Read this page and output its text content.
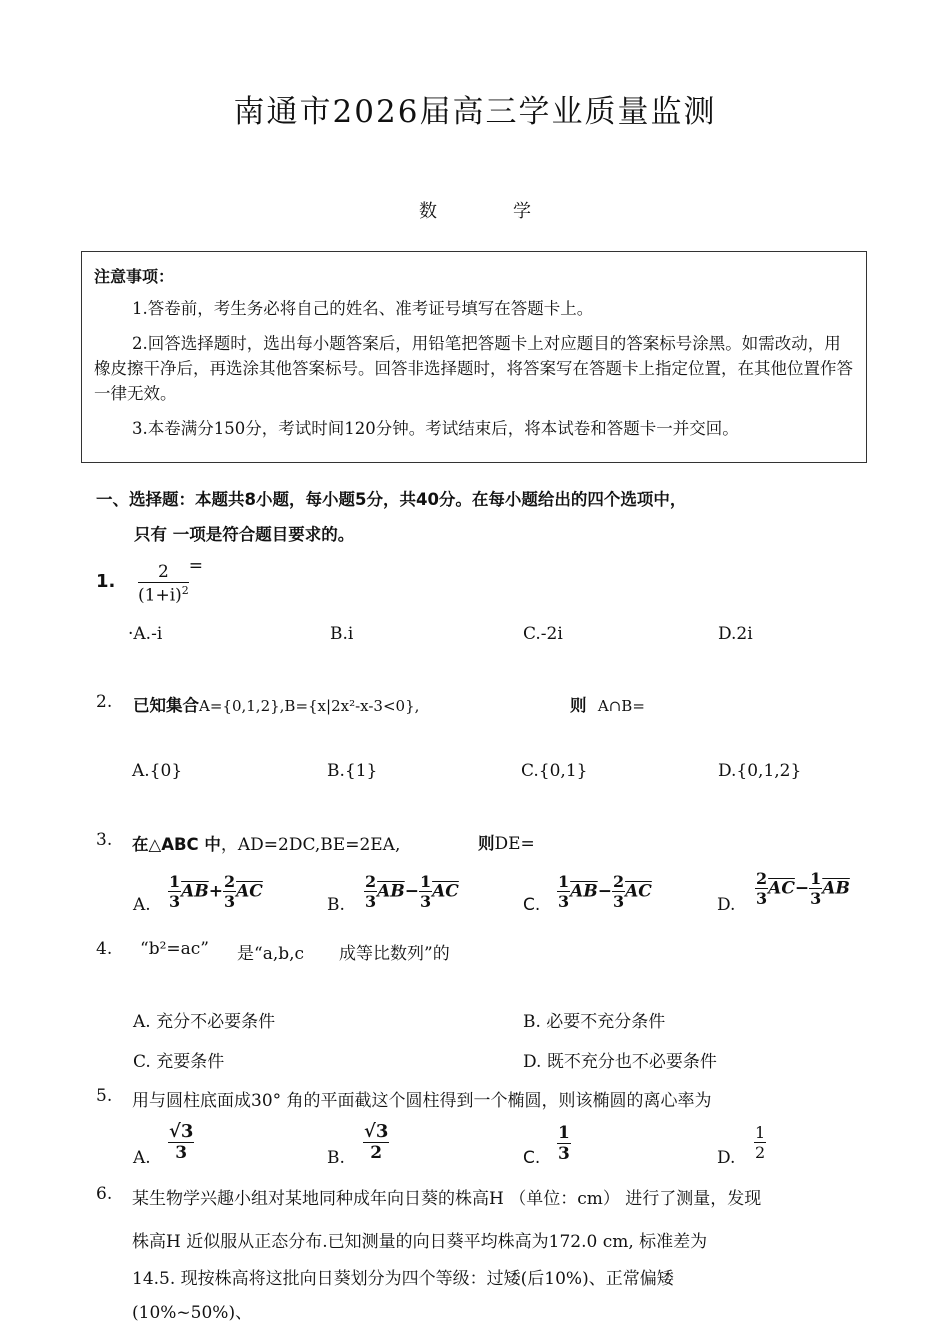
南通市2026届高三学业质量监测
数	学
注意事项：

1.答卷前，考生务必将自己的姓名、准考证号填写在答题卡上。

2.回答选择题时，选出每小题答案后，用铅笔把答题卡上对应题目的答案标号涂黑。如需改动，用橡皮擦干净后，再选涂其他答案标号。回答非选择题时，将答案写在答题卡上指定位置，在其他位置作答一律无效。

3.本卷满分150分，考试时间120分钟。考试结束后，将本试卷和答题卡一并交回。

一、选择题：本题共8小题，每小题5分，共40分。在每小题给出的四个选项中，
只有 一项是符合题目要求的。
1. $\frac{2}{(1+i)^2}$ =
·A.-i	B.i	C.-2i	D.2i
2. 已知集合A={0,1,2},B={x|2x²-x-3<0},	则 A∩B=
A.{0}	B.{1}	C.{0,1}	D.{0,1,2}
3. 在△ABC 中，AD=2DC,BE=2EA,	则DE=
A. $\frac{1}{3} \overline{AB}+ \frac{2}{3} \overline{AC}$
B. $\frac{2}{3} \overline{AB}- \frac{1}{3} \overline{AC}$
C. $\frac{1}{3} \overline{AB}- \frac{2}{3} \overline{AC}$
D. $\frac{2}{3} \overline{AC}- \frac{1}{3} \overline{AB}$
4. “b²=ac” 是“a,b,c 成等比数列”的
A. 充分不必要条件	B. 必要不充分条件
C. 充要条件	D. 既不充分也不必要条件
5. 用与圆柱底面成30° 角的平面截这个圆柱得到一个椭圆，则该椭圆的离心率为
A. $\frac{√3}{3}$	B. $\frac{√3}{2}$	C. $\frac{1}{3}$	D. $\frac{1}{2}$
6. 某生物学兴趣小组对某地同种成年向日葵的株高H （单位：cm） 进行了测量，发现
株高H 近似服从正态分布.已知测量的向日葵平均株高为172.0 cm, 标准差为
14.5. 现按株高将这批向日葵划分为四个等级：过矮(后10%)、正常偏矮
(10%~50%)、
